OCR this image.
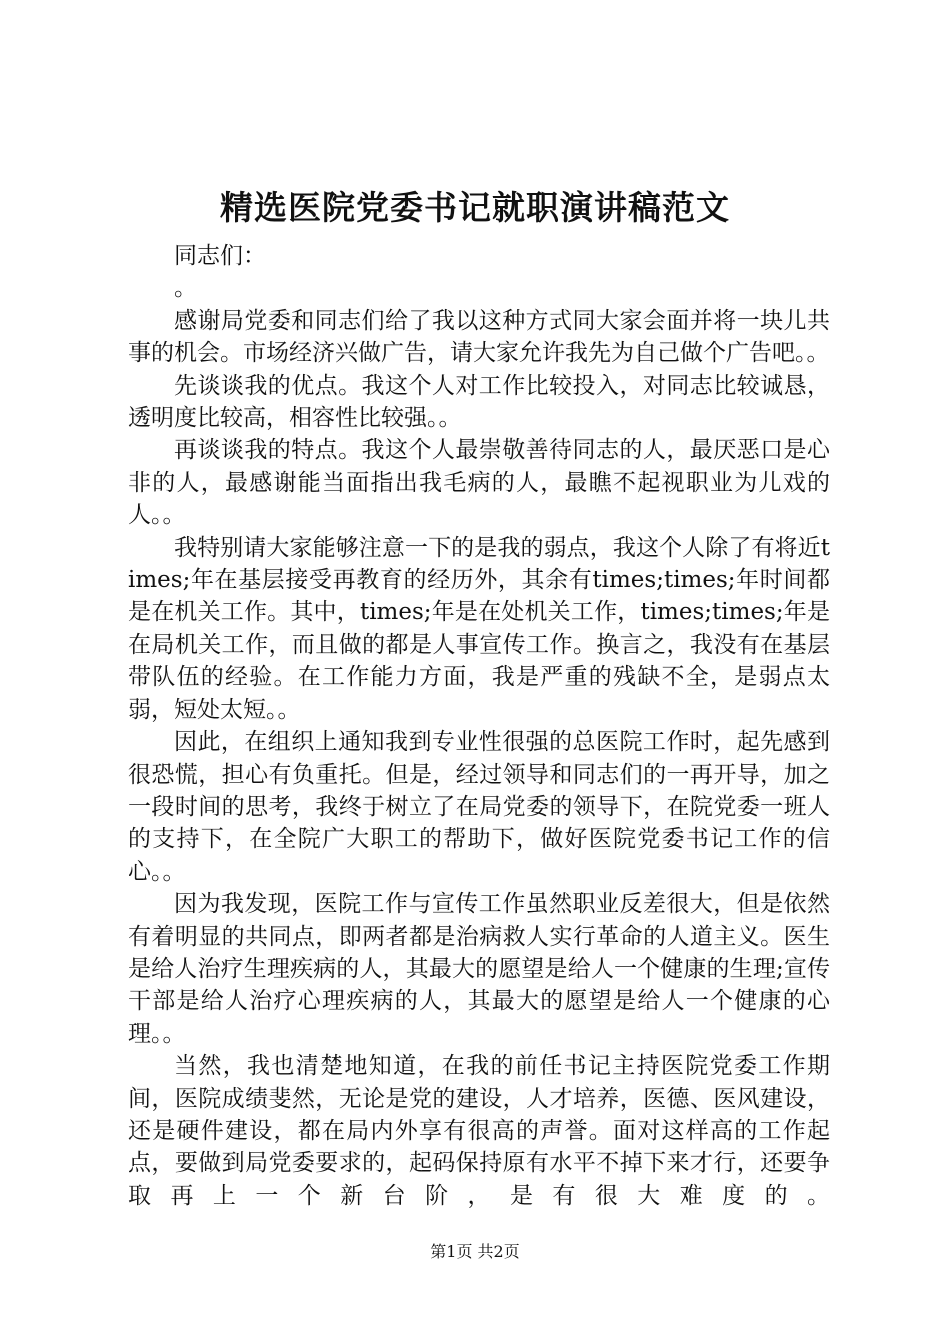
精选医院党委书记就职演讲稿范文

同志们：

。

感谢局党委和同志们给了我以这种方式同大家会面并将一块儿共事的机会。市场经济兴做广告，请大家允许我先为自己做个广告吧。。

先谈谈我的优点。我这个人对工作比较投入，对同志比较诚恳，透明度比较高，相容性比较强。。

再谈谈我的特点。我这个人最崇敬善待同志的人，最厌恶口是心非的人，最感谢能当面指出我毛病的人，最瞧不起视职业为儿戏的人。。

我特别请大家能够注意一下的是我的弱点，我这个人除了有将近times;年在基层接受再教育的经历外，其余有times;times;年时间都是在机关工作。其中，times;年是在处机关工作，times;times;年是在局机关工作，而且做的都是人事宣传工作。换言之，我没有在基层带队伍的经验。在工作能力方面，我是严重的残缺不全，是弱点太弱，短处太短。。

因此，在组织上通知我到专业性很强的总医院工作时，起先感到很恐慌，担心有负重托。但是，经过领导和同志们的一再开导，加之一段时间的思考，我终于树立了在局党委的领导下，在院党委一班人的支持下，在全院广大职工的帮助下，做好医院党委书记工作的信心。。

因为我发现，医院工作与宣传工作虽然职业反差很大，但是依然有着明显的共同点，即两者都是治病救人实行革命的人道主义。医生是给人治疗生理疾病的人，其最大的愿望是给人一个健康的生理;宣传干部是给人治疗心理疾病的人，其最大的愿望是给人一个健康的心理。。

当然，我也清楚地知道，在我的前任书记主持医院党委工作期间，医院成绩斐然，无论是党的建设，人才培养，医德、医风建设，还是硬件建设，都在局内外享有很高的声誉。面对这样高的工作起点，要做到局党委要求的，起码保持原有水平不掉下来才行，还要争取再上一个新台阶，是有很大难度的。

第1页 共2页
